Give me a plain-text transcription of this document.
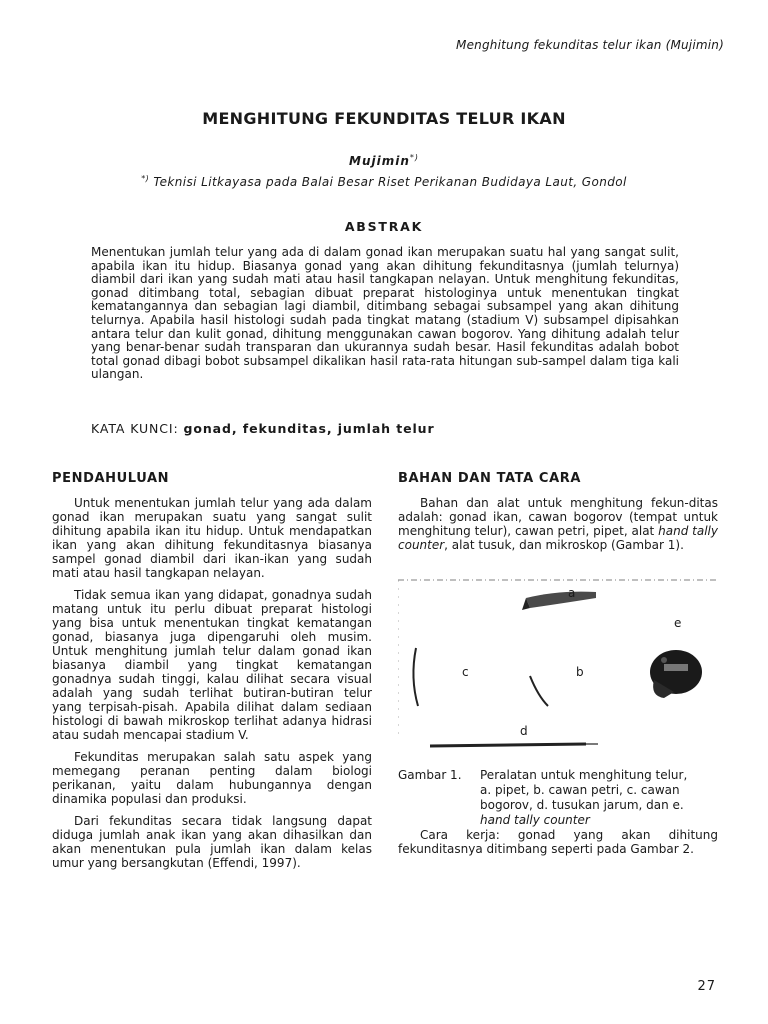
Menghitung fekunditas telur ikan (Mujimin)
MENGHITUNG FEKUNDITAS TELUR IKAN
Mujimin*)
*) Teknisi Litkayasa pada Balai Besar Riset Perikanan Budidaya Laut, Gondol
ABSTRAK

Menentukan jumlah telur yang ada di dalam gonad ikan merupakan suatu hal yang sangat sulit, apabila ikan itu hidup. Biasanya gonad yang akan dihitung fekunditasnya (jumlah telurnya) diambil dari ikan yang sudah mati atau hasil tangkapan nelayan. Untuk menghitung fekunditas, gonad ditimbang total, sebagian dibuat preparat histologinya untuk menentukan tingkat kematangannya dan sebagian lagi diambil, ditimbang sebagai subsampel yang akan dihitung telurnya. Apabila hasil histologi sudah pada tingkat matang (stadium V) subsampel dipisahkan antara telur dan kulit gonad, dihitung menggunakan cawan bogorov. Yang dihitung adalah telur yang benar-benar sudah transparan dan ukurannya sudah besar. Hasil fekunditas adalah bobot total gonad dibagi bobot subsampel dikalikan hasil rata-rata hitungan sub-sampel dalam tiga kali ulangan.

KATA KUNCI: gonad, fekunditas, jumlah telur
PENDAHULUAN

Untuk menentukan jumlah telur yang ada dalam gonad ikan merupakan suatu yang sangat sulit dihitung apabila ikan itu hidup. Untuk mendapatkan ikan yang akan dihitung fekunditasnya biasanya sampel gonad diambil dari ikan-ikan yang sudah mati atau hasil tangkapan nelayan.

Tidak semua ikan yang didapat, gonadnya sudah matang untuk itu perlu dibuat preparat histologi yang bisa untuk menentukan tingkat kematangan gonad, biasanya juga dipengaruhi oleh musim. Untuk menghitung jumlah telur dalam gonad ikan biasanya diambil yang tingkat kematangan gonadnya sudah tinggi, kalau dilihat secara visual adalah yang sudah terlihat butiran-butiran telur yang terpisah-pisah. Apabila dilihat dalam sediaan histologi di bawah mikroskop terlihat adanya hidrasi atau sudah mencapai stadium V.

Fekunditas merupakan salah satu aspek yang memegang peranan penting dalam biologi perikanan, yaitu dalam hubungannya dengan dinamika populasi dan produksi.

Dari fekunditas secara tidak langsung dapat diduga jumlah anak ikan yang akan dihasilkan dan akan menentukan pula jumlah ikan dalam kelas umur yang bersangkutan (Effendi, 1997).

BAHAN DAN TATA CARA

Bahan dan alat untuk menghitung fekun-ditas adalah: gonad ikan, cawan bogorov (tempat untuk menghitung telur), cawan petri, pipet, alat hand tally counter, alat tusuk, dan mikroskop (Gambar 1).

a
b
c
d
e
Gambar 1.	Peralatan untuk menghitung telur,
a. pipet, b. cawan petri, c. cawan
bogorov, d. tusukan jarum, dan e.
hand tally counter

Cara kerja: gonad yang akan dihitung fekunditasnya ditimbang seperti pada Gambar 2.

27
